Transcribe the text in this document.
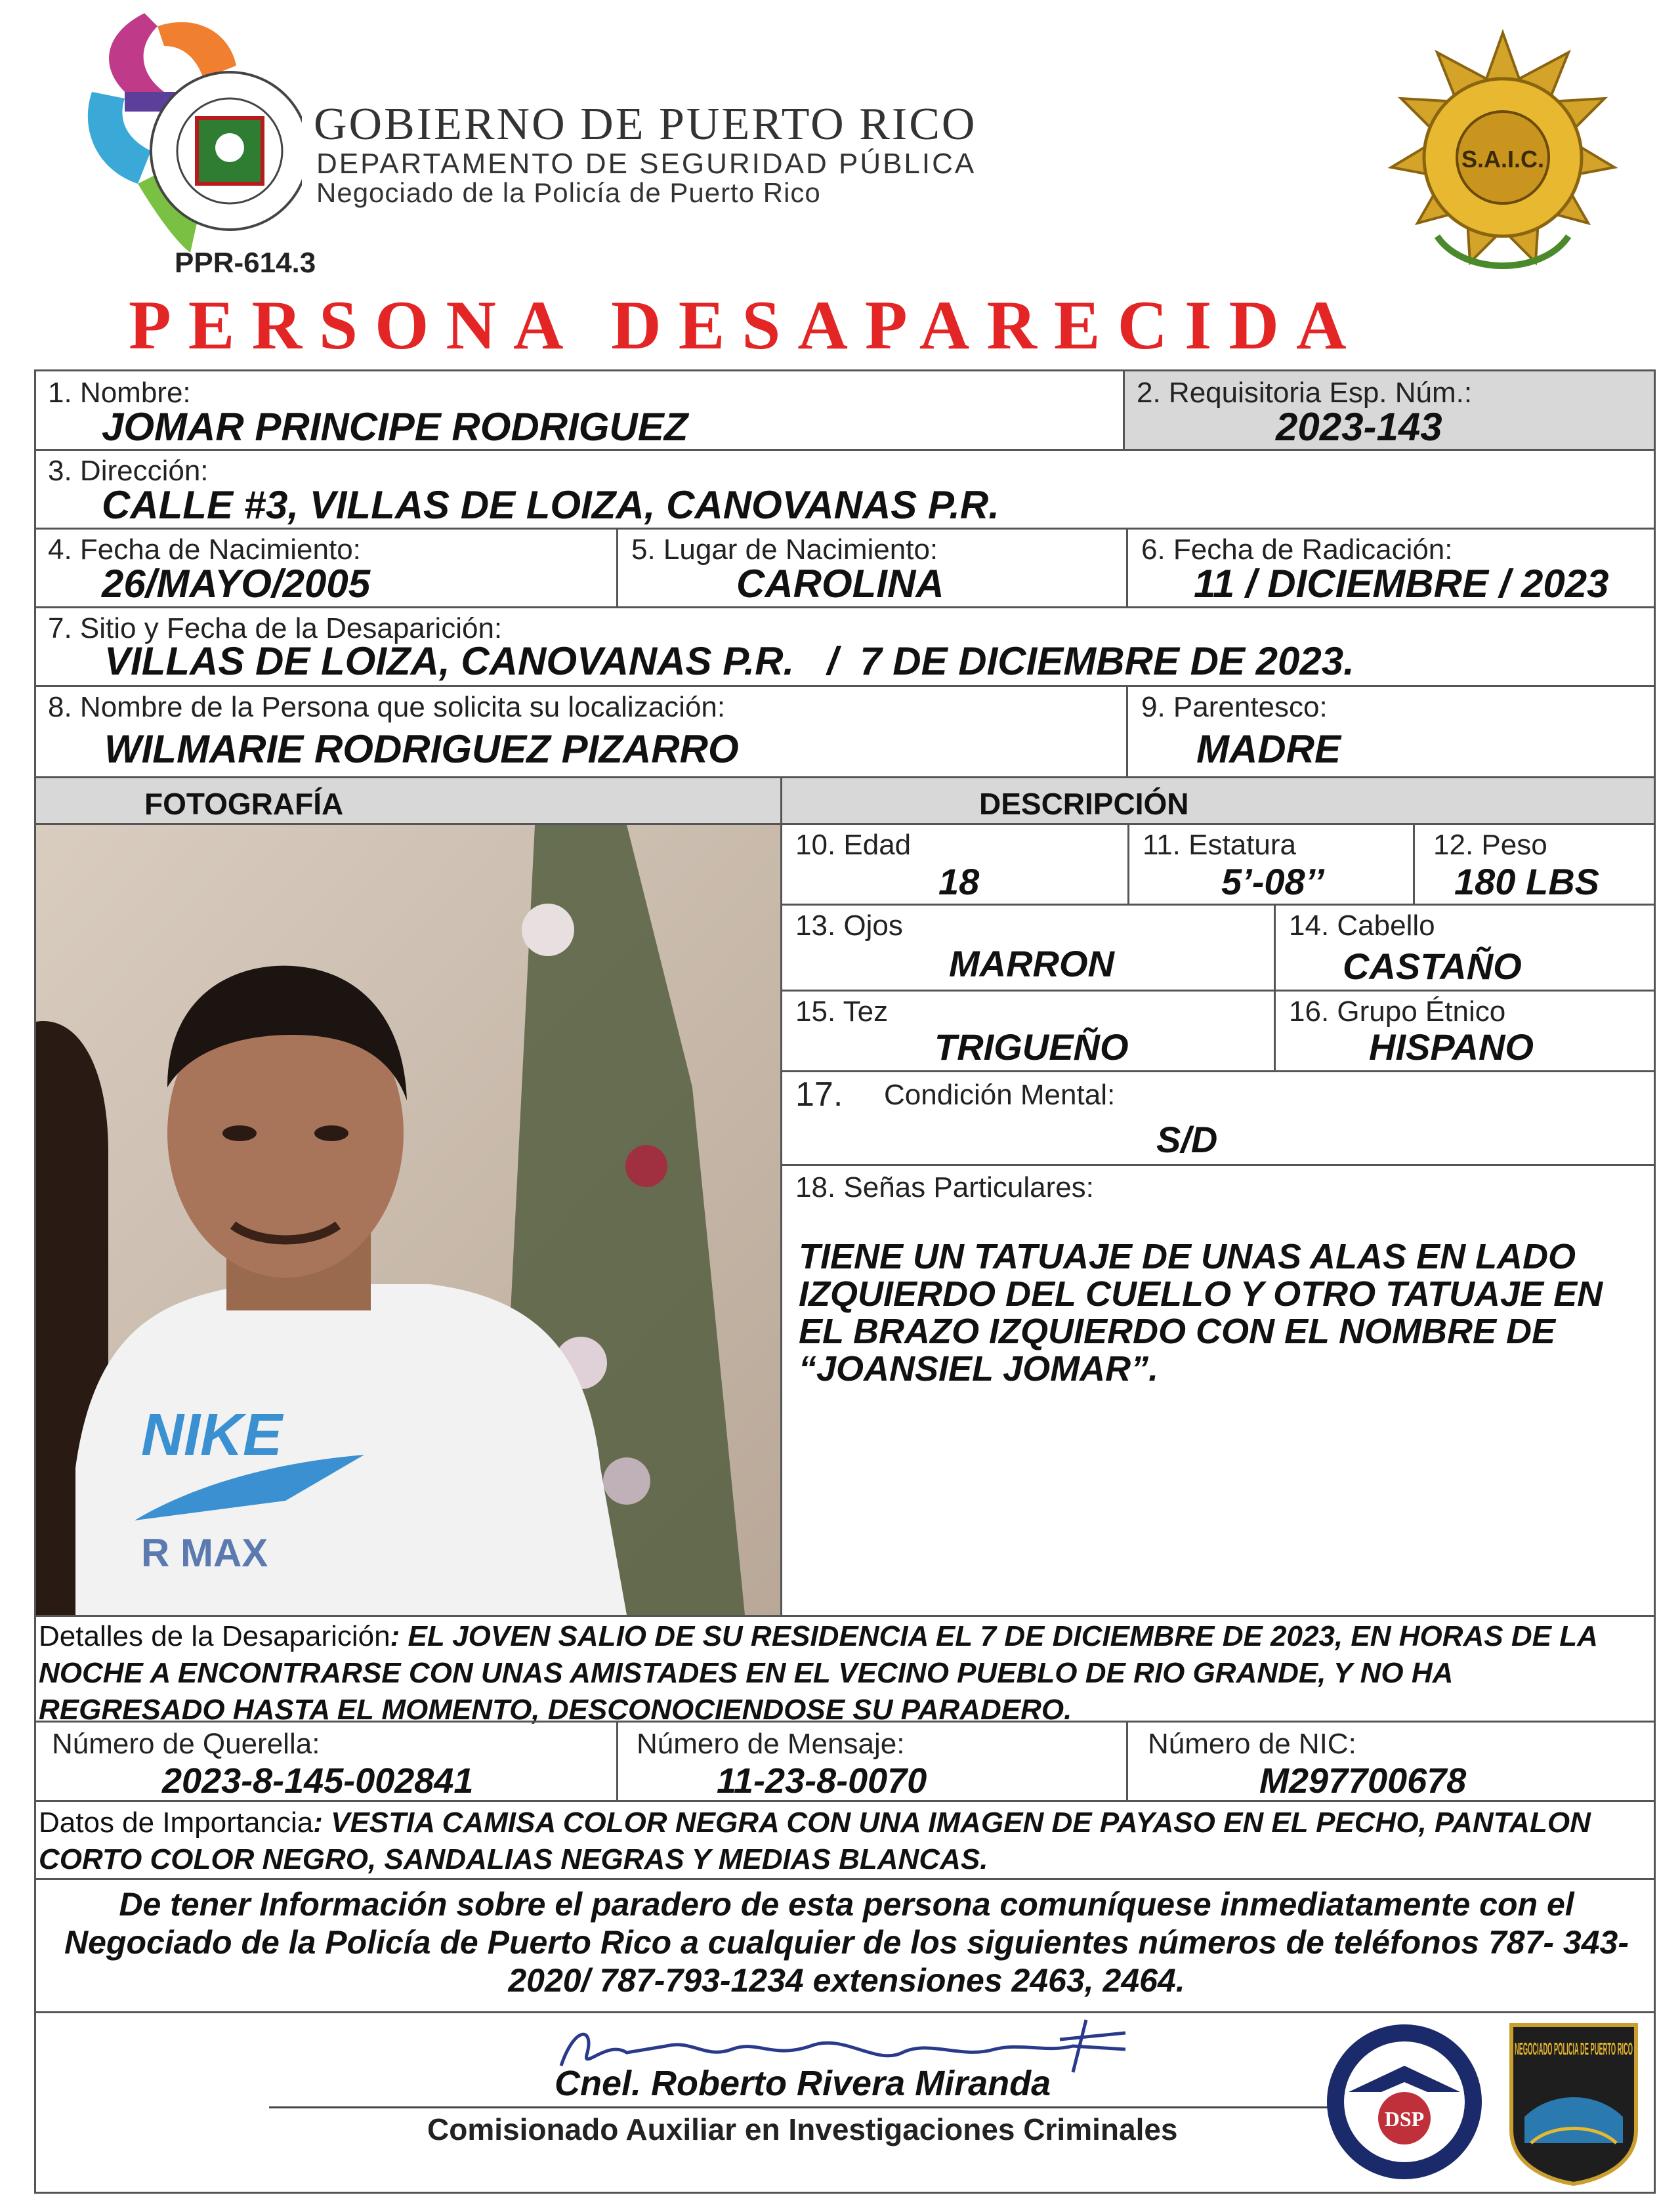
GOBIERNO DE PUERTO RICO
DEPARTAMENTO DE SEGURIDAD PÚBLICA
Negociado de la Policía de Puerto Rico
PPR-614.3
S.A.I.C.
PERSONA DESAPARECIDA
1. Nombre:
JOMAR PRINCIPE RODRIGUEZ
2. Requisitoria Esp. Núm.:
2023-143
3. Dirección:
CALLE #3, VILLAS DE LOIZA, CANOVANAS P.R.
4. Fecha de Nacimiento:
26/MAYO/2005
5. Lugar de Nacimiento:
CAROLINA
6. Fecha de Radicación:
11 / DICIEMBRE / 2023
7. Sitio y Fecha de la Desaparición:
VILLAS DE LOIZA, CANOVANAS P.R.   /  7 DE DICIEMBRE DE 2023.
8. Nombre de la Persona que solicita su localización:
WILMARIE RODRIGUEZ PIZARRO
9. Parentesco:
MADRE
FOTOGRAFÍA	DESCRIPCIÓN
NIKE
R MAX
10. Edad
18
11. Estatura
5’-08’’
12. Peso
180 LBS
13. Ojos
MARRON
14. Cabello
CASTAÑO
15. Tez
TRIGUEÑO
16. Grupo Étnico
HISPANO
17. Condición Mental:
S/D
18. Señas Particulares:
TIENE UN TATUAJE DE UNAS ALAS EN LADO IZQUIERDO DEL CUELLO Y OTRO TATUAJE EN EL BRAZO IZQUIERDO CON EL NOMBRE DE “JOANSIEL JOMAR”.
Detalles de la Desaparición: EL JOVEN SALIO DE SU RESIDENCIA EL 7 DE DICIEMBRE DE 2023, EN HORAS DE LA NOCHE A ENCONTRARSE CON UNAS AMISTADES EN EL VECINO PUEBLO DE RIO GRANDE, Y NO HA REGRESADO HASTA EL MOMENTO, DESCONOCIENDOSE SU PARADERO.
Número de Querella:
2023-8-145-002841
Número de Mensaje:
11-23-8-0070
Número de NIC:
M297700678
Datos de Importancia: VESTIA CAMISA COLOR NEGRA CON UNA IMAGEN DE PAYASO EN EL PECHO, PANTALON CORTO COLOR NEGRO, SANDALIAS NEGRAS Y MEDIAS BLANCAS.
De tener Información sobre el paradero de esta persona comuníquese inmediatamente con el Negociado de la Policía de Puerto Rico a cualquier de los siguientes números de teléfonos 787- 343-2020/ 787-793-1234 extensiones 2463, 2464.
Cnel. Roberto Rivera Miranda
Comisionado Auxiliar en Investigaciones Criminales	DSP
NEGOCIADO POLICIA DE PUERTO RICO
